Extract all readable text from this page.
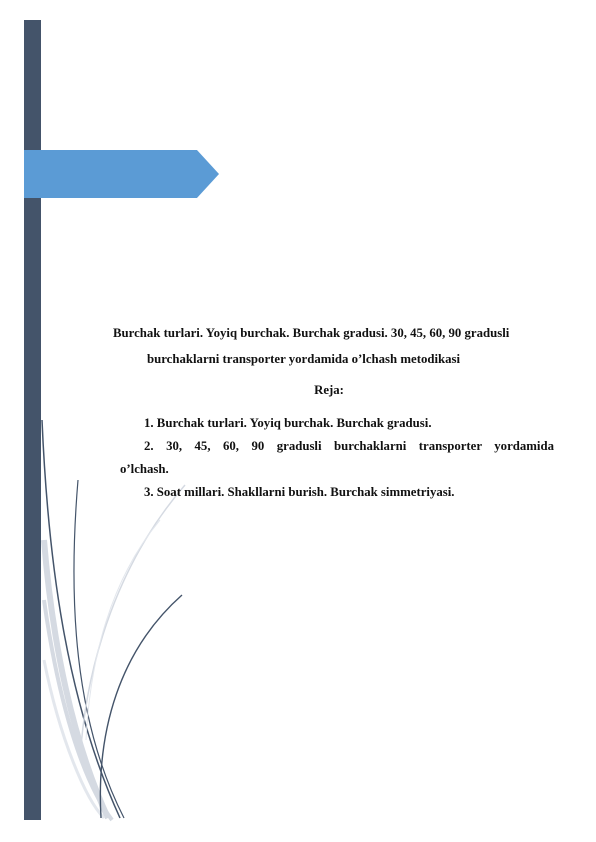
Burchak turlari. Yoyiq burchak. Burchak gradusi. 30, 45, 60, 90 gradusli
burchaklarni transporter yordamida o’lchash metodikasi
Reja:
1. Burchak turlari. Yoyiq burchak. Burchak gradusi.
2. 30, 45, 60, 90 gradusli burchaklarni transporter yordamida
o’lchash.
3. Soat millari. Shakllarni burish. Burchak simmetriyasi.
